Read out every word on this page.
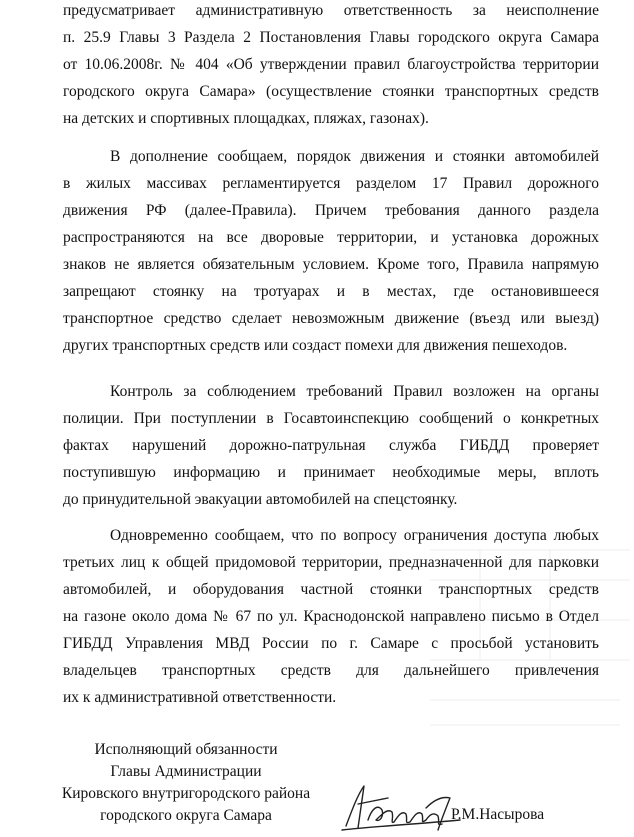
предусматривает административную ответственность за неисполнение
п. 25.9 Главы 3 Раздела 2 Постановления Главы городского округа Самара
от 10.06.2008г. № 404 «Об утверждении правил благоустройства территории
городского округа Самара» (осуществление стоянки транспортных средств
на детских и спортивных площадках, пляжах, газонах).
В дополнение сообщаем, порядок движения и стоянки автомобилей
в жилых массивах регламентируется разделом 17 Правил дорожного
движения РФ (далее-Правила). Причем требования данного раздела
распространяются на все дворовые территории, и установка дорожных
знаков не является обязательным условием. Кроме того, Правила напрямую
запрещают стоянку на тротуарах и в местах, где остановившееся
транспортное средство сделает невозможным движение (въезд или выезд)
других транспортных средств или создаст помехи для движения пешеходов.
Контроль за соблюдением требований Правил возложен на органы
полиции. При поступлении в Госавтоинспекцию сообщений о конкретных
фактах нарушений дорожно-патрульная служба ГИБДД проверяет
поступившую информацию и принимает необходимые меры, вплоть
до принудительной эвакуации автомобилей на спецстоянку.
Одновременно сообщаем, что по вопросу ограничения доступа любых
третьих лиц к общей придомовой территории, предназначенной для парковки
автомобилей, и оборудования частной стоянки транспортных средств
на газоне около дома № 67 по ул. Краснодонской направлено письмо в Отдел
ГИБДД Управления МВД России по г. Самаре с просьбой установить
владельцев транспортных средств для дальнейшего привлечения
их к административной ответственности.
Исполняющий обязанности
Главы Администрации
Кировского внутригородского района
городского округа Самара	Р.М.Насырова
